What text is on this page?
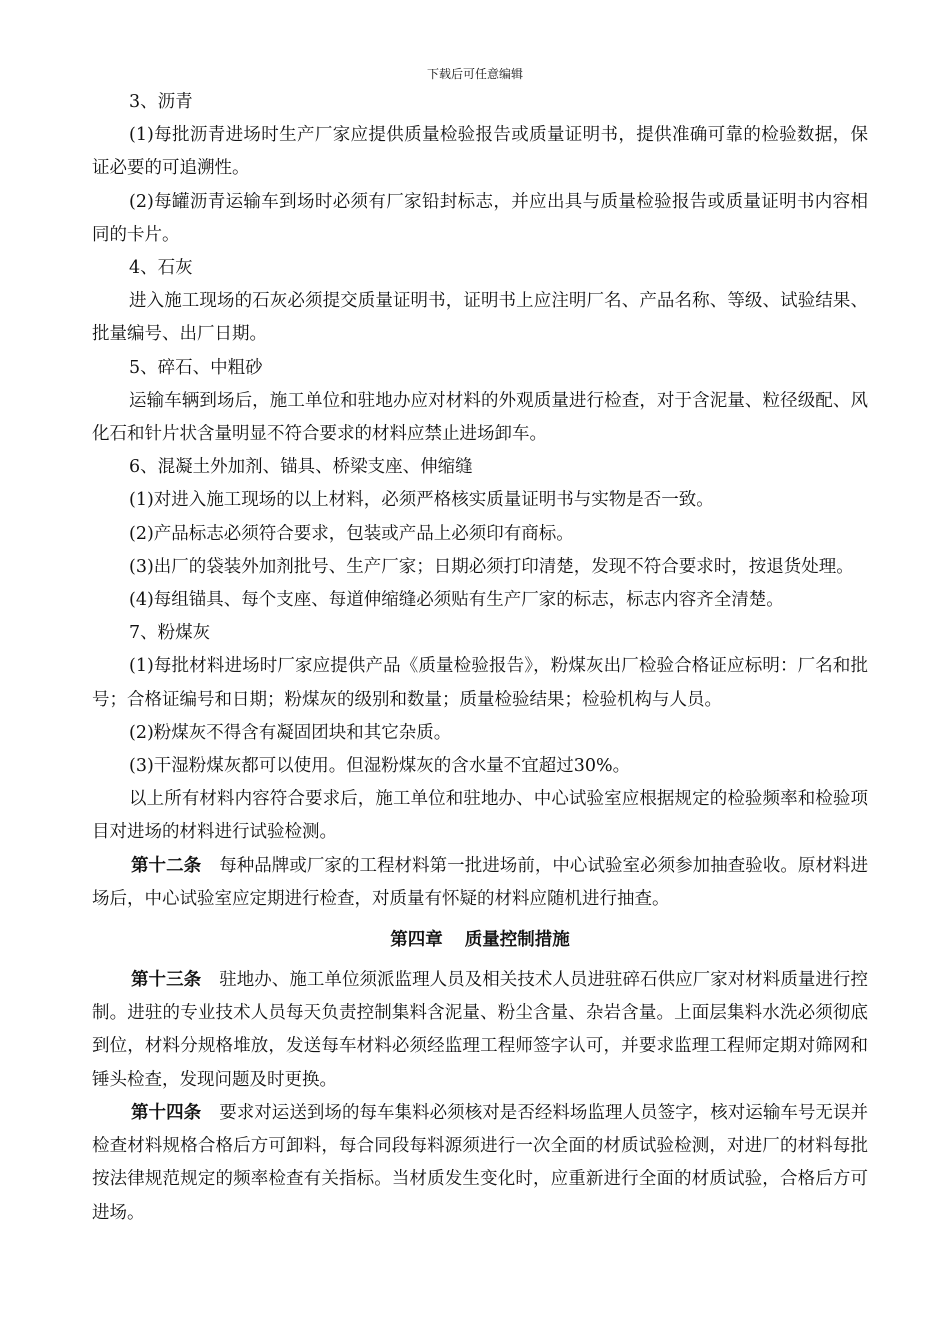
下载后可任意编辑

3、沥青

(1)每批沥青进场时生产厂家应提供质量检验报告或质量证明书，提供准确可靠的检验数据，保证必要的可追溯性。

(2)每罐沥青运输车到场时必须有厂家铅封标志，并应出具与质量检验报告或质量证明书内容相同的卡片。

4、石灰

进入施工现场的石灰必须提交质量证明书，证明书上应注明厂名、产品名称、等级、试验结果、批量编号、出厂日期。

5、碎石、中粗砂

运输车辆到场后，施工单位和驻地办应对材料的外观质量进行检查，对于含泥量、粒径级配、风化石和针片状含量明显不符合要求的材料应禁止进场卸车。

6、混凝土外加剂、锚具、桥梁支座、伸缩缝

(1)对进入施工现场的以上材料，必须严格核实质量证明书与实物是否一致。

(2)产品标志必须符合要求，包装或产品上必须印有商标。

(3)出厂的袋装外加剂批号、生产厂家；日期必须打印清楚，发现不符合要求时，按退货处理。

(4)每组锚具、每个支座、每道伸缩缝必须贴有生产厂家的标志，标志内容齐全清楚。

7、粉煤灰

(1)每批材料进场时厂家应提供产品《质量检验报告》，粉煤灰出厂检验合格证应标明：厂名和批号；合格证编号和日期；粉煤灰的级别和数量；质量检验结果；检验机构与人员。

(2)粉煤灰不得含有凝固团块和其它杂质。

(3)干湿粉煤灰都可以使用。但湿粉煤灰的含水量不宜超过30%。

以上所有材料内容符合要求后，施工单位和驻地办、中心试验室应根据规定的检验频率和检验项目对进场的材料进行试验检测。

第十二条 每种品牌或厂家的工程材料第一批进场前，中心试验室必须参加抽查验收。原材料进场后，中心试验室应定期进行检查，对质量有怀疑的材料应随机进行抽查。

第四章 质量控制措施

第十三条 驻地办、施工单位须派监理人员及相关技术人员进驻碎石供应厂家对材料质量进行控制。进驻的专业技术人员每天负责控制集料含泥量、粉尘含量、杂岩含量。上面层集料水洗必须彻底到位，材料分规格堆放，发送每车材料必须经监理工程师签字认可，并要求监理工程师定期对筛网和锤头检查，发现问题及时更换。

第十四条 要求对运送到场的每车集料必须核对是否经料场监理人员签字，核对运输车号无误并检查材料规格合格后方可卸料，每合同段每料源须进行一次全面的材质试验检测，对进厂的材料每批按法律规范规定的频率检查有关指标。当材质发生变化时，应重新进行全面的材质试验，合格后方可进场。
